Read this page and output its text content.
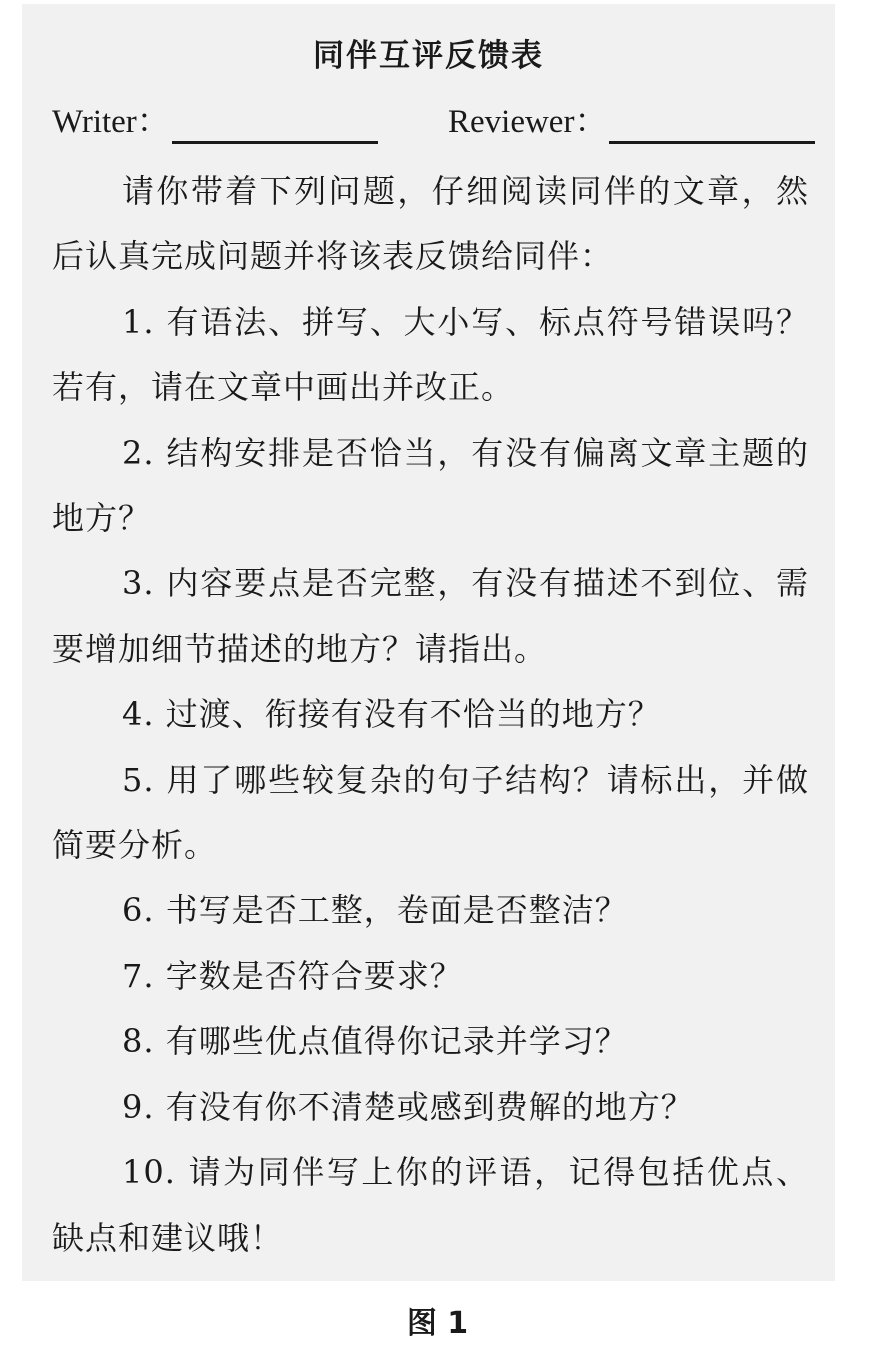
同伴互评反馈表
Writer：	Reviewer：

请你带着下列问题，仔细阅读同伴的文章，然后认真完成问题并将该表反馈给同伴：

1. 有语法、拼写、大小写、标点符号错误吗？若有，请在文章中画出并改正。

2. 结构安排是否恰当，有没有偏离文章主题的地方？

3. 内容要点是否完整，有没有描述不到位、需要增加细节描述的地方？请指出。

4. 过渡、衔接有没有不恰当的地方？

5. 用了哪些较复杂的句子结构？请标出，并做简要分析。

6. 书写是否工整，卷面是否整洁？

7. 字数是否符合要求？

8. 有哪些优点值得你记录并学习？

9. 有没有你不清楚或感到费解的地方？

10. 请为同伴写上你的评语，记得包括优点、缺点和建议哦！

图 1
